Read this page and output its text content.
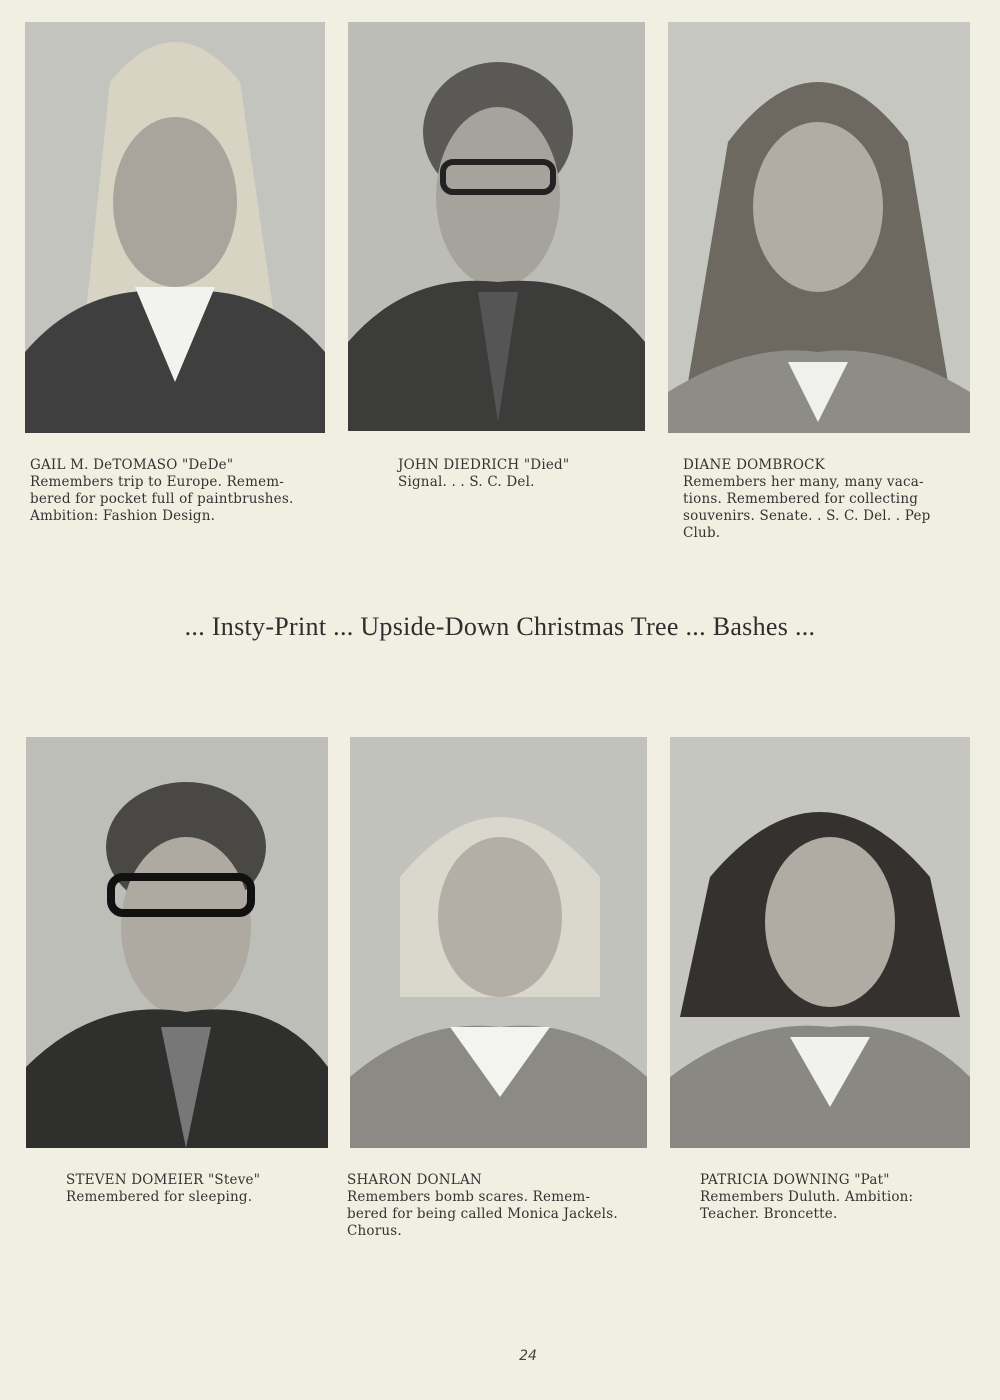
GAIL M. DeTOMASO "DeDe"
Remembers trip to Europe. Remem-
bered for pocket full of paintbrushes.
Ambition: Fashion Design.
JOHN DIEDRICH "Died"
Signal. . . S. C. Del.
DIANE DOMBROCK
Remembers her many, many vaca-
tions. Remembered for collecting
souvenirs. Senate. . S. C. Del. . Pep
Club.
... Insty-Print ... Upside-Down Christmas Tree ... Bashes ...
STEVEN DOMEIER "Steve"
Remembered for sleeping.
SHARON DONLAN
Remembers bomb scares. Remem-
bered for being called Monica Jackels.
Chorus.
PATRICIA DOWNING "Pat"
Remembers Duluth. Ambition:
Teacher. Broncette.
24
